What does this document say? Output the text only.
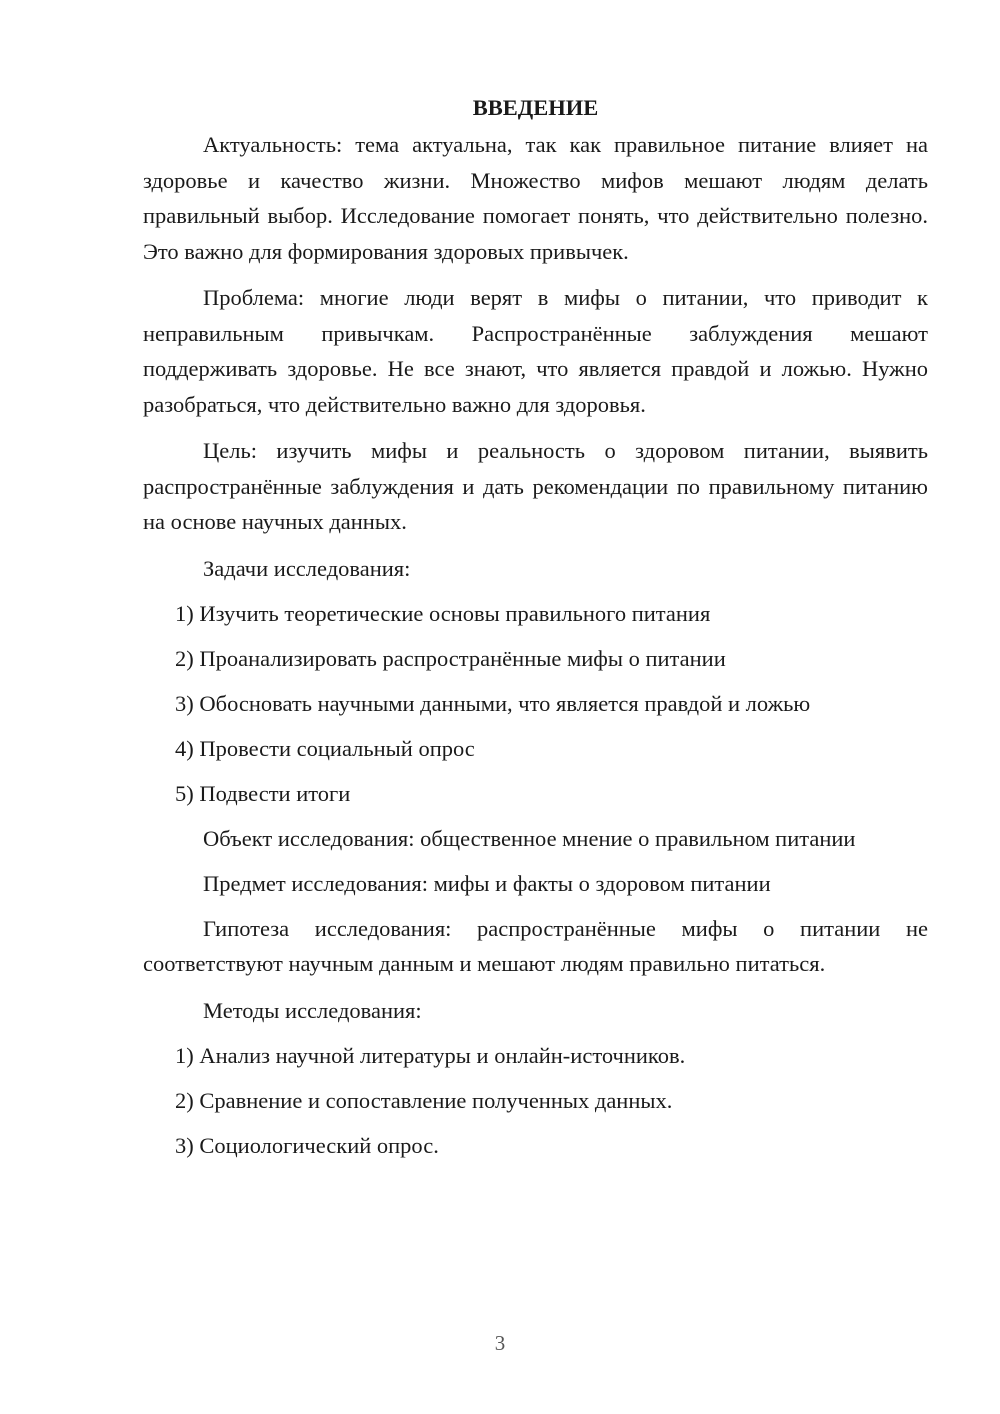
ВВЕДЕНИЕ

Актуальность: тема актуальна, так как правильное питание влияет на здоровье и качество жизни. Множество мифов мешают людям делать правильный выбор. Исследование помогает понять, что действительно полезно. Это важно для формирования здоровых привычек.

Проблема: многие люди верят в мифы о питании, что приводит к неправильным привычкам. Распространённые заблуждения мешают поддерживать здоровье. Не все знают, что является правдой и ложью. Нужно разобраться, что действительно важно для здоровья.

Цель: изучить мифы и реальность о здоровом питании, выявить распространённые заблуждения и дать рекомендации по правильному питанию на основе научных данных.

Задачи исследования:
1) Изучить теоретические основы правильного питания
2) Проанализировать распространённые мифы о питании
3) Обосновать научными данными, что является правдой и ложью
4) Провести социальный опрос
5) Подвести итоги
Объект исследования: общественное мнение о правильном питании
Предмет исследования: мифы и факты о здоровом питании

Гипотеза исследования: распространённые мифы о питании не соответствуют научным данным и мешают людям правильно питаться.

Методы исследования:
1) Анализ научной литературы и онлайн-источников.
2) Сравнение и сопоставление полученных данных.
3) Социологический опрос.
3
